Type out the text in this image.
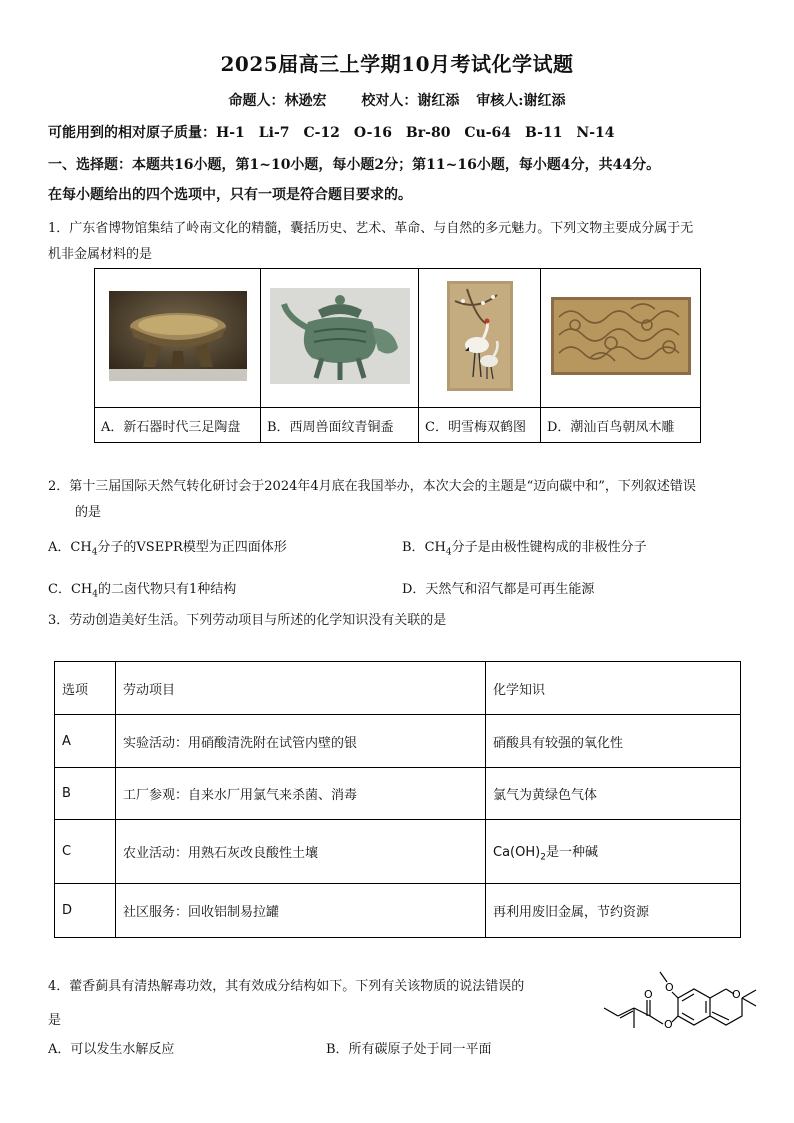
2025届高三上学期10月考试化学试题
命题人：林逊宏 校对人：谢红添 审核人:谢红添
可能用到的相对原子质量：H-1　Li-7　C-12　O-16　Br-80　Cu-64　B-11　N-14
一、选择题：本题共16小题，第1~10小题，每小题2分；第11~16小题，每小题4分，共44分。
在每小题给出的四个选项中，只有一项是符合题目要求的。
1．广东省博物馆集结了岭南文化的精髓，囊括历史、艺术、革命、与自然的多元魅力。下列文物主要成分属于无
机非金属材料的是

A．新石器时代三足陶盘	B．西周兽面纹青铜盉	C．明雪梅双鹤图	D．潮汕百鸟朝凤木雕
2．第十三届国际天然气转化研讨会于2024年4月底在我国举办，本次大会的主题是“迈向碳中和”，下列叙述错误
的是
A．$CH_4$分子的VSEPR模型为正四面体形	B．$CH_4$分子是由极性键构成的非极性分子
C．$CH_4$的二卤代物只有1种结构	D．天然气和沼气都是可再生能源
3．劳动创造美好生活。下列劳动项目与所述的化学知识没有关联的是
选项	劳动项目	化学知识
A	实验活动：用硝酸清洗附在试管内壁的银	硝酸具有较强的氧化性
B	工厂参观：自来水厂用氯气来杀菌、消毒	氯气为黄绿色气体
C	农业活动：用熟石灰改良酸性土壤	$Ca(OH)_2$是一种碱
D	社区服务：回收铝制易拉罐	再利用废旧金属，节约资源
4．藿香蓟具有清热解毒功效，其有效成分结构如下。下列有关该物质的说法错误的
是
A．可以发生水解反应	B．所有碳原子处于同一平面
O
O
O
O
